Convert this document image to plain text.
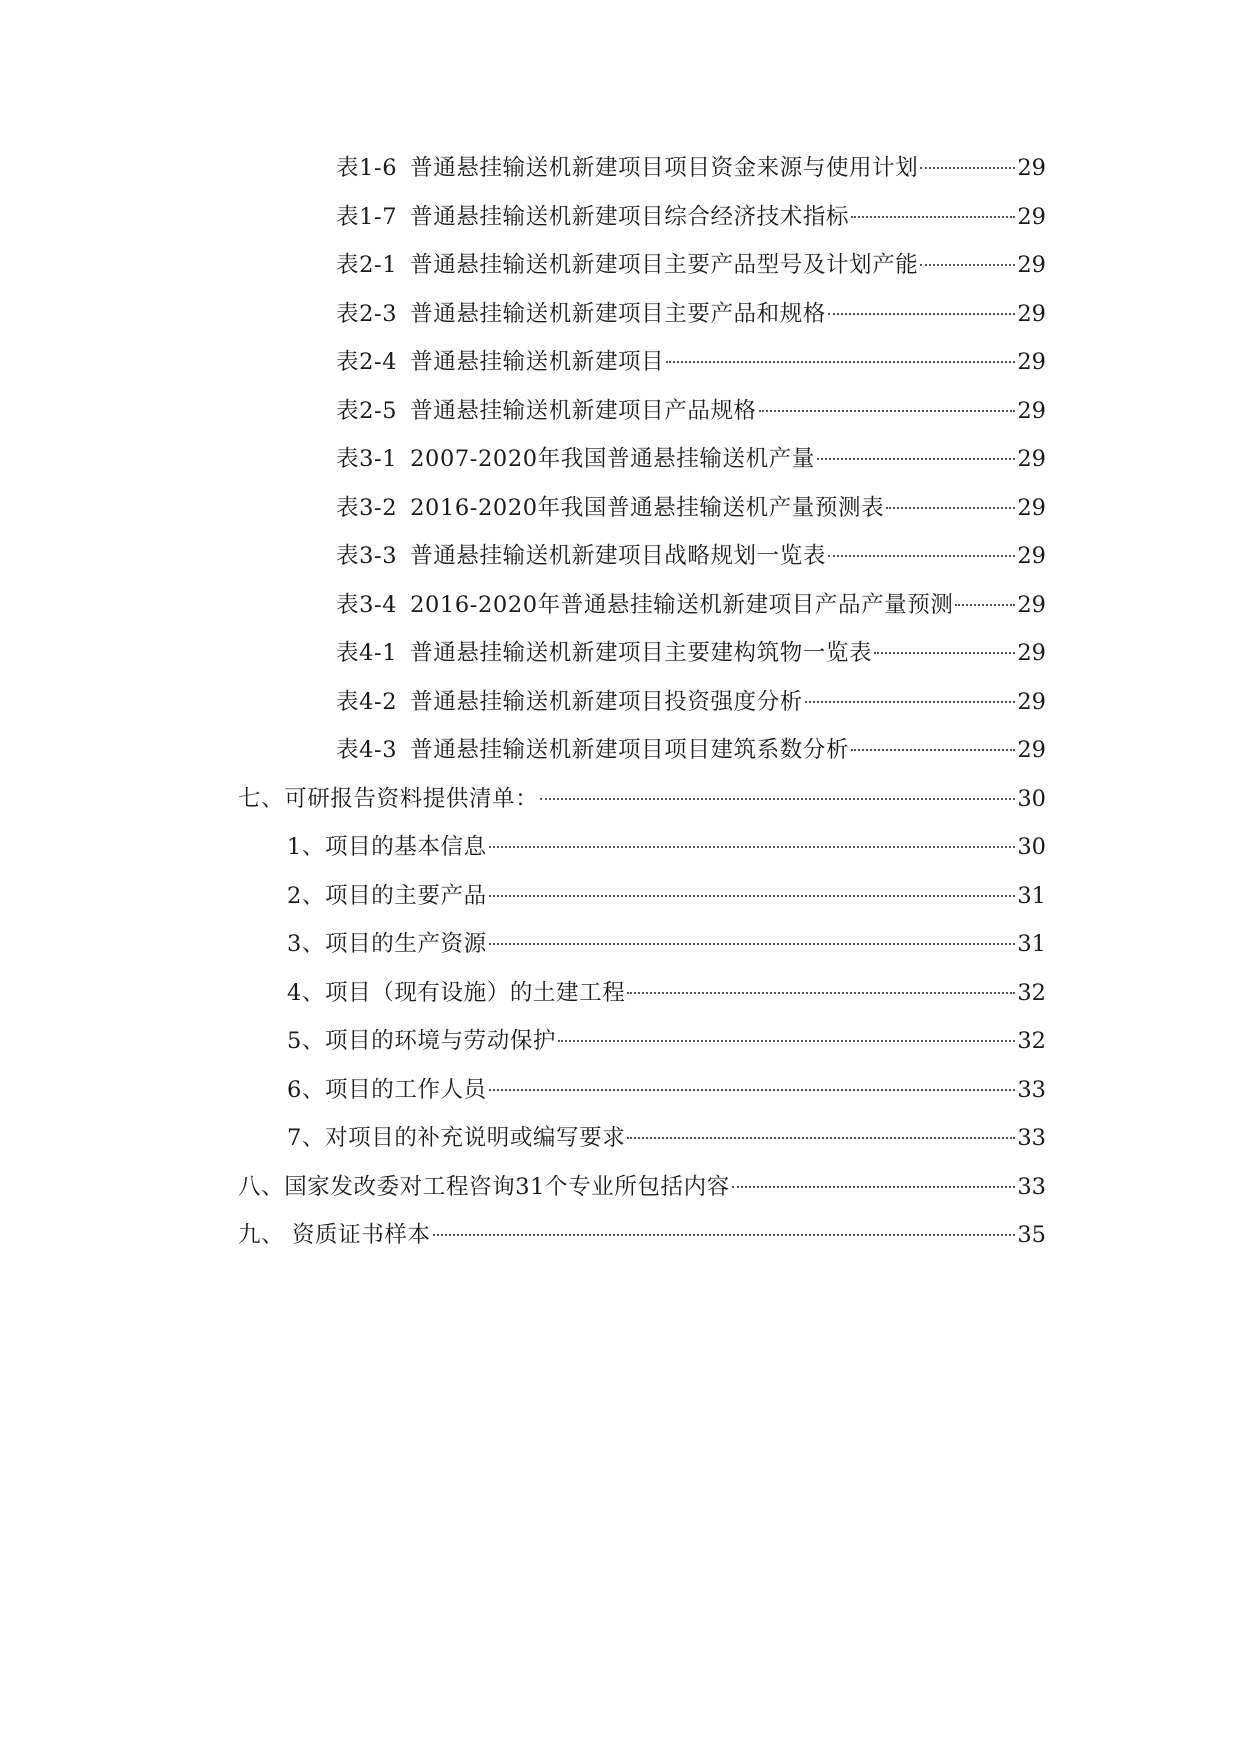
表1-6 普通悬挂输送机新建项目项目资金来源与使用计划	29
表1-7 普通悬挂输送机新建项目综合经济技术指标	29
表2-1 普通悬挂输送机新建项目主要产品型号及计划产能	29
表2-3 普通悬挂输送机新建项目主要产品和规格	29
表2-4 普通悬挂输送机新建项目	29
表2-5 普通悬挂输送机新建项目产品规格	29
表3-1 2007-2020年我国普通悬挂输送机产量	29
表3-2 2016-2020年我国普通悬挂输送机产量预测表	29
表3-3 普通悬挂输送机新建项目战略规划一览表	29
表3-4 2016-2020年普通悬挂输送机新建项目产品产量预测	29
表4-1 普通悬挂输送机新建项目主要建构筑物一览表	29
表4-2 普通悬挂输送机新建项目投资强度分析	29
表4-3 普通悬挂输送机新建项目项目建筑系数分析	29
七、可研报告资料提供清单：	30
1、项目的基本信息	30
2、项目的主要产品	31
3、项目的生产资源	31
4、项目（现有设施）的土建工程	32
5、项目的环境与劳动保护	32
6、项目的工作人员	33
7、对项目的补充说明或编写要求	33
八、国家发改委对工程咨询31个专业所包括内容	33
九、 资质证书样本	35
